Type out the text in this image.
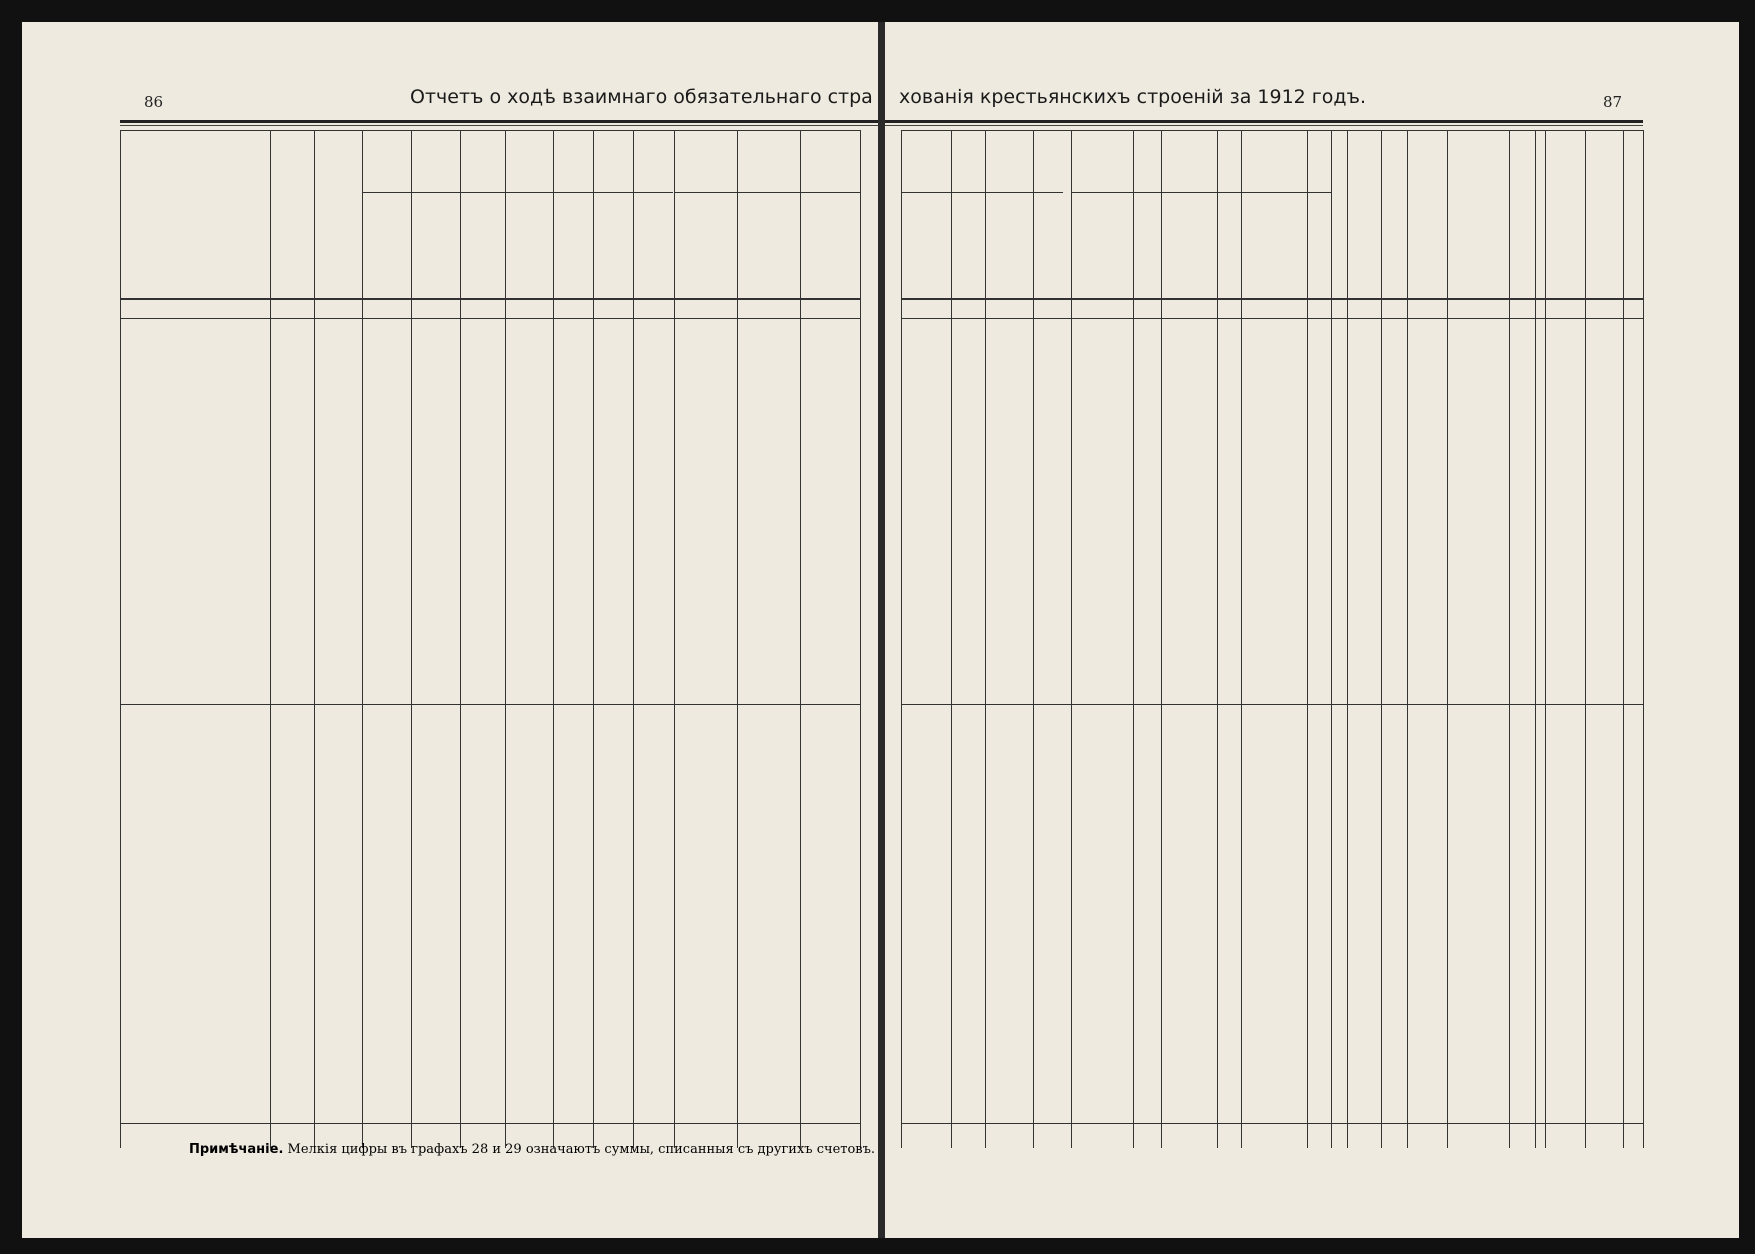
86	Отчетъ о ходѣ взаимнаго обязательнаго стра
Примѣчаніе. Мелкія цифры въ графахъ 28 и 29 означаютъ суммы, списанныя съ другихъ счетовъ.
87
хованія крестьянскихъ строеній за 1912 годъ.
